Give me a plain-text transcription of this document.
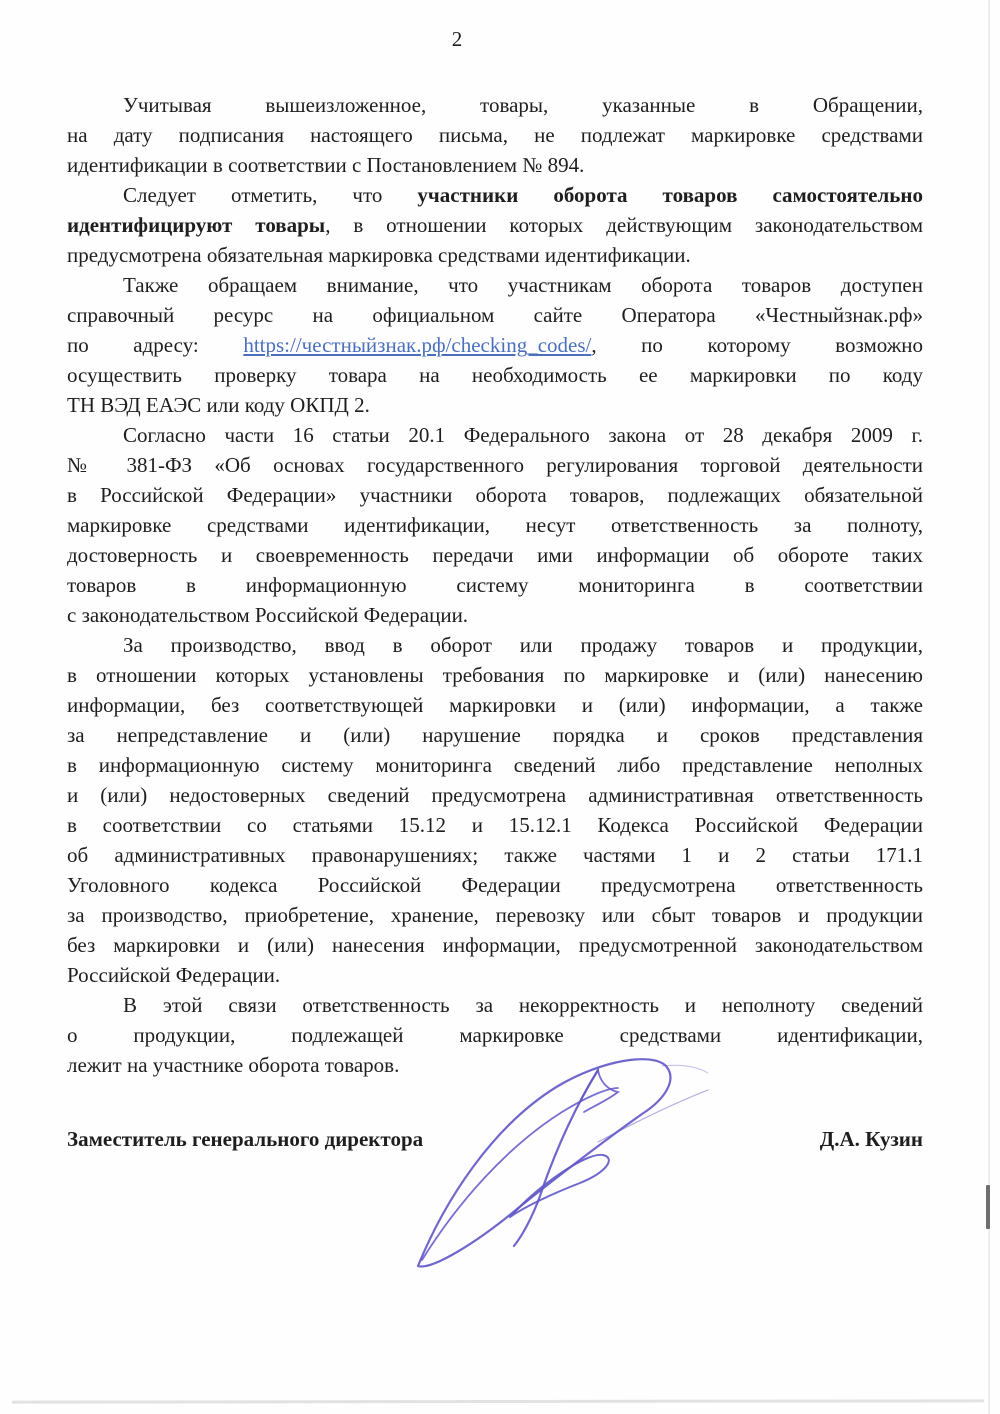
2
Учитывая вышеизложенное, товары, указанные в Обращении,
на дату подписания настоящего письма, не подлежат маркировке средствами
идентификации в соответствии с Постановлением № 894.
Следует отметить, что участники оборота товаров самостоятельно
идентифицируют товары, в отношении которых действующим законодательством
предусмотрена обязательная маркировка средствами идентификации.
Также обращаем внимание, что участникам оборота товаров доступен
справочный ресурс на официальном сайте Оператора «Честныйзнак.рф»
по адресу: https://честныйзнак.рф/checking_codes/, по которому возможно
осуществить проверку товара на необходимость ее маркировки по коду
ТН ВЭД ЕАЭС или коду ОКПД 2.
Согласно части 16 статьи 20.1 Федерального закона от 28 декабря 2009 г.
№ 381-ФЗ «Об основах государственного регулирования торговой деятельности
в Российской Федерации» участники оборота товаров, подлежащих обязательной
маркировке средствами идентификации, несут ответственность за полноту,
достоверность и своевременность передачи ими информации об обороте таких
товаров в информационную систему мониторинга в соответствии
с законодательством Российской Федерации.
За производство, ввод в оборот или продажу товаров и продукции,
в отношении которых установлены требования по маркировке и (или) нанесению
информации, без соответствующей маркировки и (или) информации, а также
за непредставление и (или) нарушение порядка и сроков представления
в информационную систему мониторинга сведений либо представление неполных
и (или) недостоверных сведений предусмотрена административная ответственность
в соответствии со статьями 15.12 и 15.12.1 Кодекса Российской Федерации
об административных правонарушениях; также частями 1 и 2 статьи 171.1
Уголовного кодекса Российской Федерации предусмотрена ответственность
за производство, приобретение, хранение, перевозку или сбыт товаров и продукции
без маркировки и (или) нанесения информации, предусмотренной законодательством
Российской Федерации.
В этой связи ответственность за некорректность и неполноту сведений
о продукции, подлежащей маркировке средствами идентификации,
лежит на участнике оборота товаров.
Заместитель генерального директора	Д.А. Кузин
